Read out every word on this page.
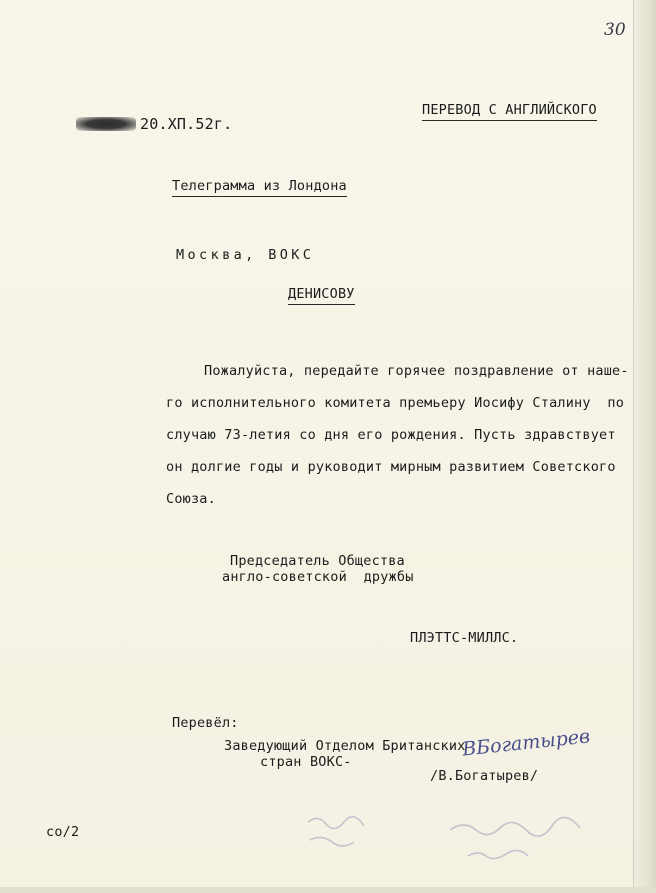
30
ПЕРЕВОД С АНГЛИЙСКОГО
20.XП.52г.
Телеграмма из Лондона
Москва, ВОКС
ДЕНИСОВУ
Пожалуйста, передайте горячее поздравление от наше-
го исполнительного комитета премьеру Иосифу Сталину  по
случаю 73-летия со дня его рождения. Пусть здравствует
он долгие годы и руководит мирным развитием Советского
Союза.
Председатель Общества
англо-советской  дружбы
ПЛЭТТС-МИЛЛС.
Перевёл:
Заведующий Отделом Британских
стран ВОКС-
ВБогатырев
/В.Богатырев/
со/2
